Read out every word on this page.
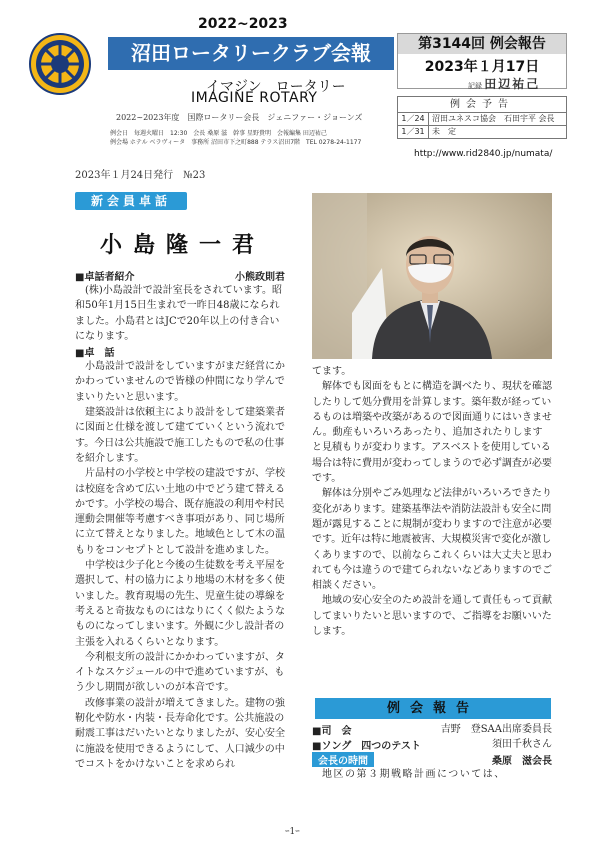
2022~2023
沼田ロータリークラブ会報
イマジン　ロータリー
IMAGINE ROTARY
2022~2023年度　国際ロータリー会長　ジェニファー・ジョーンズ
例会日　毎週火曜日　12:30　会長 桑原 滋　幹事 星野貴明　会報編集 田辺祐己
例会場 ホテル ベラヴィータ　事務所 沼田市下之町888 テラス沼田7階　TEL 0278-24-1177
第3144回 例会報告
2023年１月17日
記録 田辺祐己
例会予告
1／24 沼田ユネスコ協会　石田宇平 会長
1／31 未　定
http://www.rid2840.jp/numata/
2023年１月24日発行　№23
新会員卓話
小島隆一君

■卓話者紹介	小熊政則君

(株)小島設計で設計室長をされています。昭和50年1月15日生まれで一昨日48歳になられました。小島君とはJCで20年以上の付き合いになります。

■卓　話

小島設計で設計をしていますがまだ経営にかかわっていませんので皆様の仲間になり学んでまいりたいと思います。

建築設計は依頼主により設計をして建築業者に図面と仕様を渡して建てていくという流れです。今日は公共施設で施工したもので私の仕事を紹介します。

片品村の小学校と中学校の建設ですが、学校は校庭を含めて広い土地の中でどう建て替えるかです。小学校の場合、既存施設の利用や村民運動会開催等考慮すべき事項があり、同じ場所に立て替えとなりました。地域色として木の温もりをコンセプトとして設計を進めました。

中学校は少子化と今後の生徒数を考え平屋を選択して、村の協力により地場の木材を多く使いました。教育現場の先生、児童生徒の導線を考えると奇抜なものにはなりにくく似たようなものになってしまいます。外観に少し設計者の主張を入れるくらいとなります。

今利根支所の設計にかかわっていますが、タイトなスケジュールの中で進めていますが、もう少し期間が欲しいのが本音です。

改修事業の設計が増えてきました。建物の強靭化や防水・内装・長寿命化です。公共施設の耐震工事はだいたいとなりましたが、安心安全に施設を使用できるようにして、人口減少の中でコストをかけないことを求められ

てます。

解体でも図面をもとに構造を調べたり、現状を確認したりして処分費用を計算します。築年数が経っているものは増築や改築があるので図面通りにはいきません。動産もいろいろあったり、追加されたりしますと見積もりが変わります。アスベストを使用している場合は特に費用が変わってしまうので必ず調査が必要です。

解体は分別やごみ処理など法律がいろいろできたり変化があります。建築基準法や消防法設計も安全に問題が露見することに規制が変わりますので注意が必要です。近年は特に地震被害、大規模災害で変化が激しくありますので、以前ならこれくらいは大丈夫と思われても今は違うので建てられないなどありますのでご相談ください。

地域の安心安全のため設計を通して責任もって貢献してまいりたいと思いますので、ご指導をお願いいたします。

例会報告
■司　会	吉野　登SAA出席委員長
■ソング　四つのテスト	須田千秋さん
会長の時間	桑原　滋会長

地区の第３期戦略計画については、

ｰ1ｰ
